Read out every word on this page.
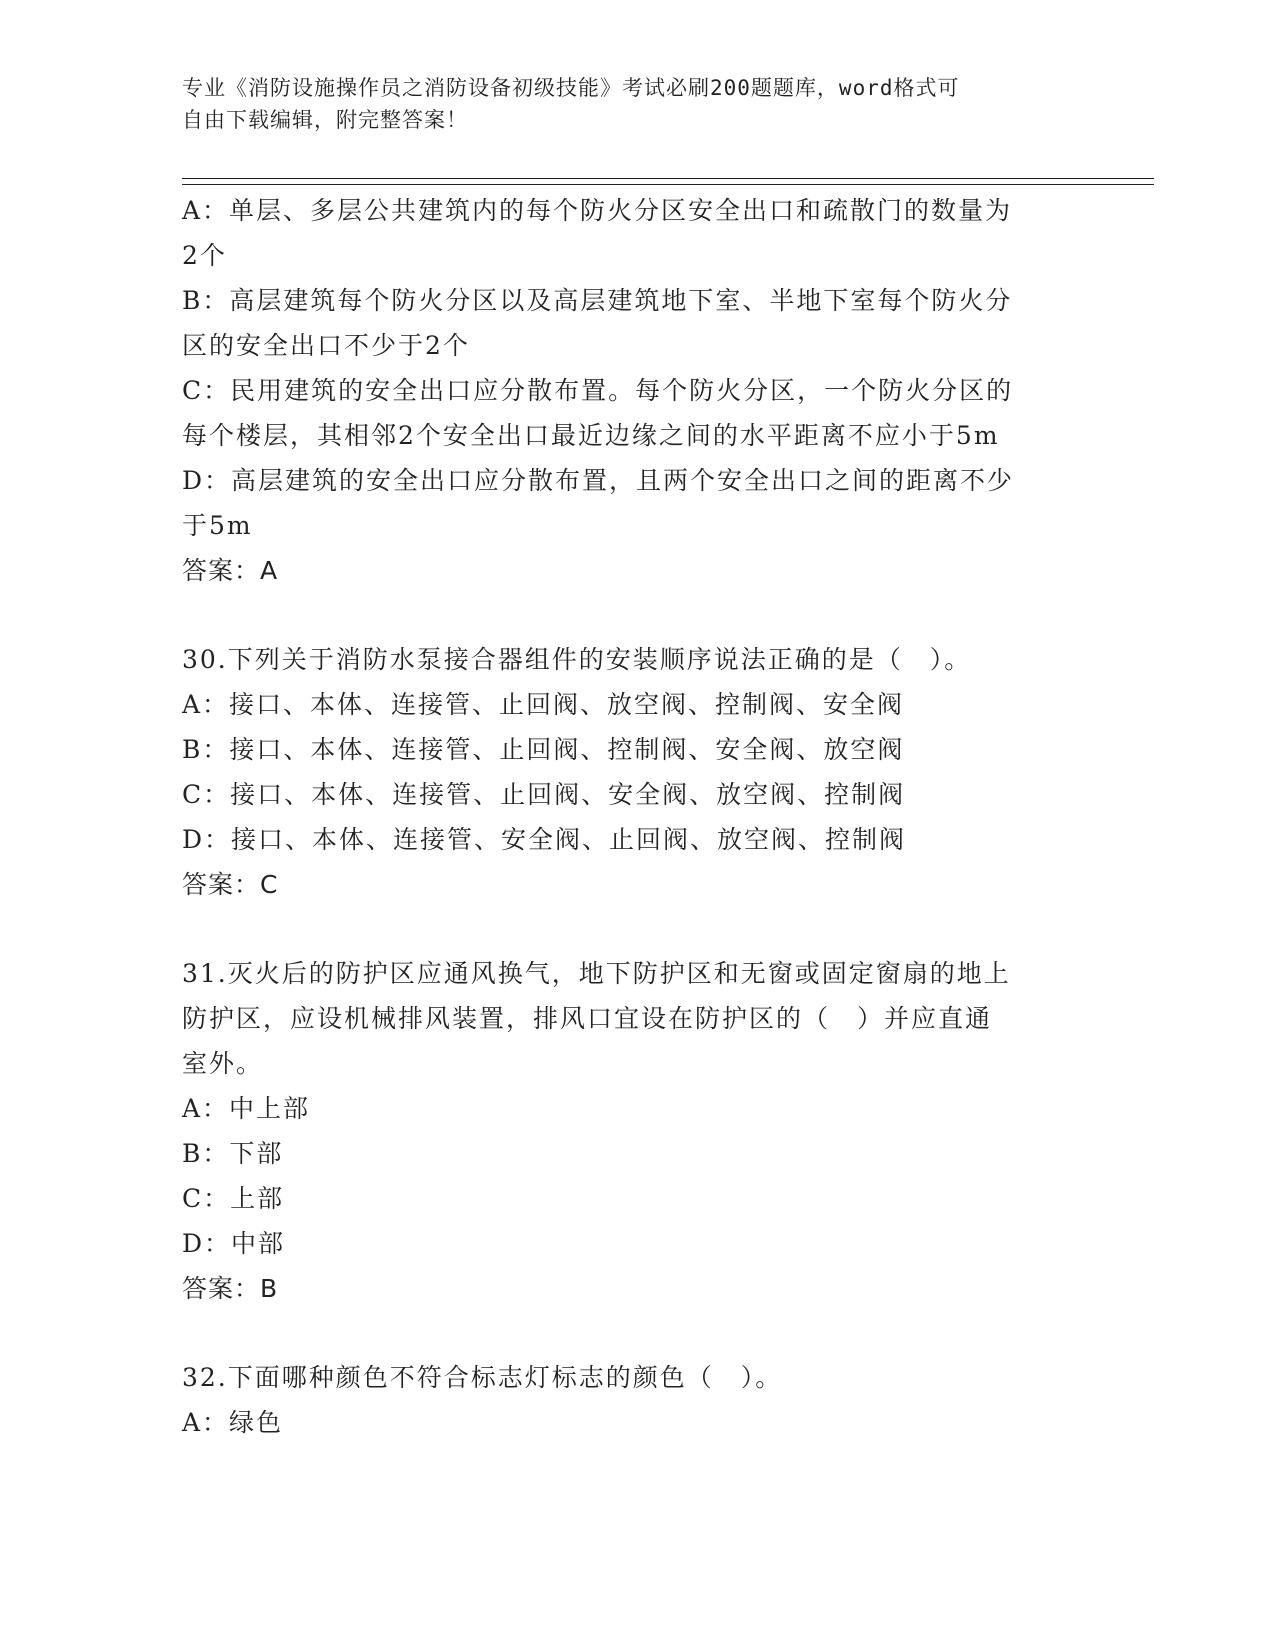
专业《消防设施操作员之消防设备初级技能》考试必刷200题题库，word格式可
自由下载编辑，附完整答案！
A：单层、多层公共建筑内的每个防火分区安全出口和疏散门的数量为
2个
B：高层建筑每个防火分区以及高层建筑地下室、半地下室每个防火分
区的安全出口不少于2个
C：民用建筑的安全出口应分散布置。每个防火分区，一个防火分区的
每个楼层，其相邻2个安全出口最近边缘之间的水平距离不应小于5m
D：高层建筑的安全出口应分散布置，且两个安全出口之间的距离不少
于5m
答案：A
30.下列关于消防水泵接合器组件的安装顺序说法正确的是（　）。
A：接口、本体、连接管、止回阀、放空阀、控制阀、安全阀
B：接口、本体、连接管、止回阀、控制阀、安全阀、放空阀
C：接口、本体、连接管、止回阀、安全阀、放空阀、控制阀
D：接口、本体、连接管、安全阀、止回阀、放空阀、控制阀
答案：C
31.灭火后的防护区应通风换气，地下防护区和无窗或固定窗扇的地上
防护区，应设机械排风装置，排风口宜设在防护区的（　）并应直通
室外。
A：中上部
B：下部
C：上部
D：中部
答案：B
32.下面哪种颜色不符合标志灯标志的颜色（　）。
A：绿色
